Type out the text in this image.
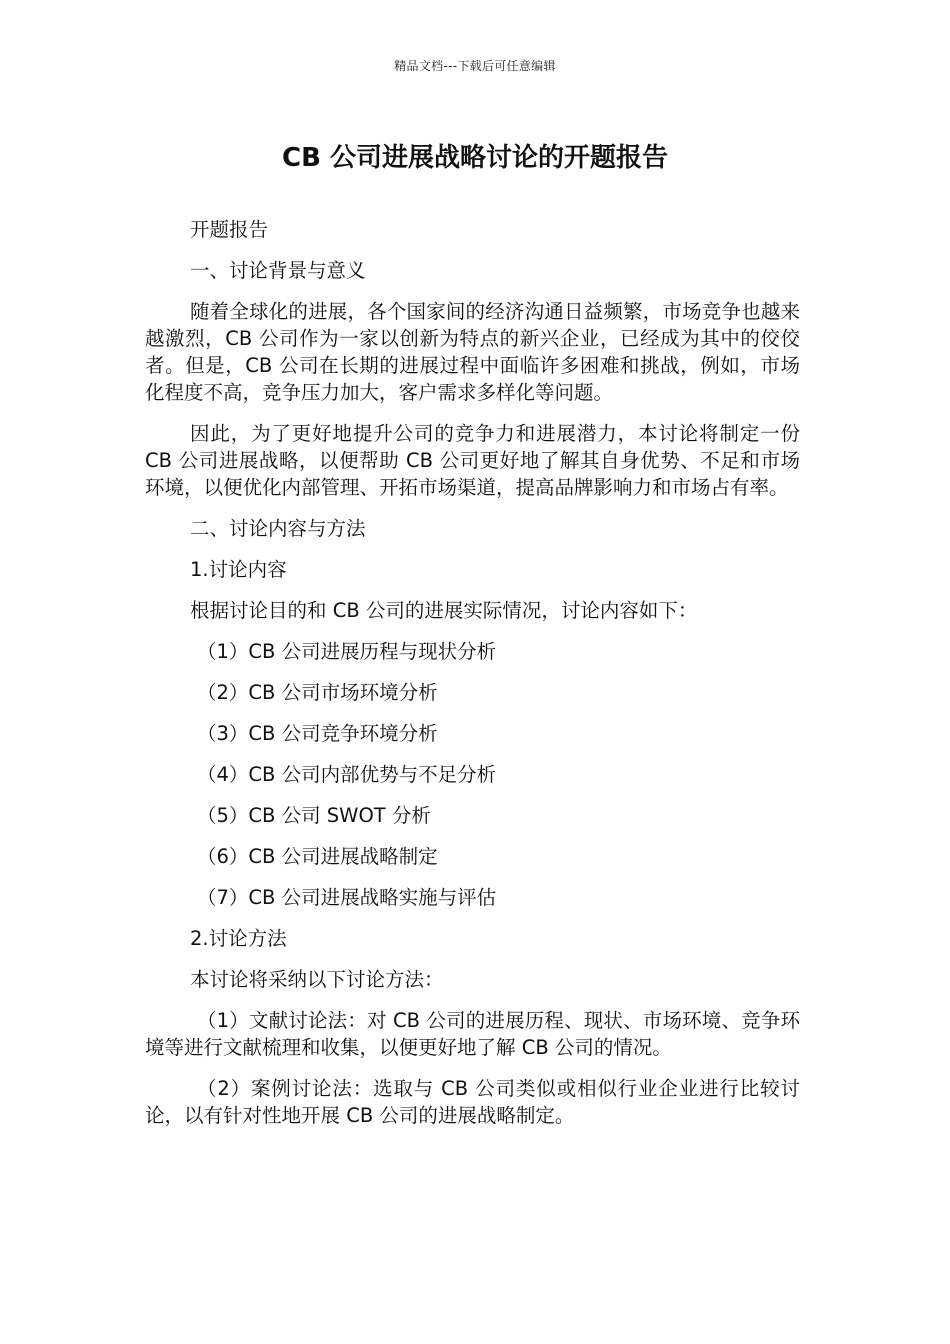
精品文档---下载后可任意编辑
CB 公司进展战略讨论的开题报告

开题报告

一、讨论背景与意义

随着全球化的进展，各个国家间的经济沟通日益频繁，市场竞争也越来越激烈，CB 公司作为一家以创新为特点的新兴企业，已经成为其中的佼佼者。但是，CB 公司在长期的进展过程中面临许多困难和挑战，例如，市场化程度不高，竞争压力加大，客户需求多样化等问题。

因此，为了更好地提升公司的竞争力和进展潜力，本讨论将制定一份 CB 公司进展战略，以便帮助 CB 公司更好地了解其自身优势、不足和市场环境，以便优化内部管理、开拓市场渠道，提高品牌影响力和市场占有率。

二、讨论内容与方法

1.讨论内容

根据讨论目的和 CB 公司的进展实际情况，讨论内容如下：

（1）CB 公司进展历程与现状分析

（2）CB 公司市场环境分析

（3）CB 公司竞争环境分析

（4）CB 公司内部优势与不足分析

（5）CB 公司 SWOT 分析

（6）CB 公司进展战略制定

（7）CB 公司进展战略实施与评估

2.讨论方法

本讨论将采纳以下讨论方法：

（1）文献讨论法：对 CB 公司的进展历程、现状、市场环境、竞争环境等进行文献梳理和收集，以便更好地了解 CB 公司的情况。

（2）案例讨论法：选取与 CB 公司类似或相似行业企业进行比较讨论，以有针对性地开展 CB 公司的进展战略制定。
